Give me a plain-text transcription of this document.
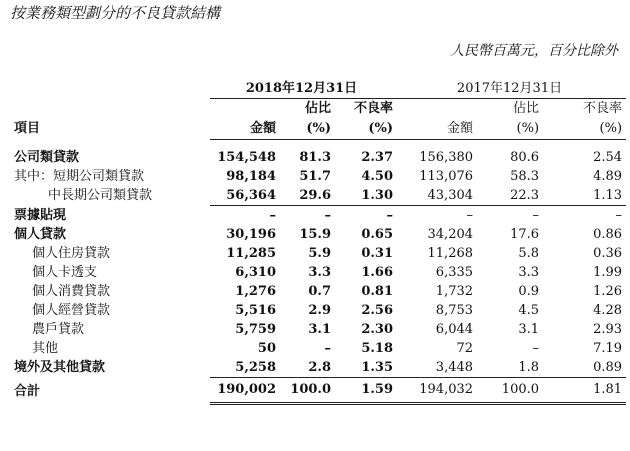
按業務類型劃分的不良貸款結構
人民幣百萬元，百分比除外
	2018年12月31日			2017年12月31日		
		佔比	不良率		佔比	不良率
項目	金額	(%)	(%)	金額	(%)	(%)

公司類貸款	154,548	81.3	2.37	156,380	80.6	2.54
其中：短期公司類貸款	98,184	51.7	4.50	113,076	58.3	4.89
中長期公司類貸款	56,364	29.6	1.30	43,304	22.3	1.13
票據貼現	–	–	–	–	–	–
個人貸款	30,196	15.9	0.65	34,204	17.6	0.86
個人住房貸款	11,285	5.9	0.31	11,268	5.8	0.36
個人卡透支	6,310	3.3	1.66	6,335	3.3	1.99
個人消費貸款	1,276	0.7	0.81	1,732	0.9	1.26
個人經營貸款	5,516	2.9	2.56	8,753	4.5	4.28
農戶貸款	5,759	3.1	2.30	6,044	3.1	2.93
其他	50	–	5.18	72	–	7.19
境外及其他貸款	5,258	2.8	1.35	3,448	1.8	0.89
合計	190,002	100.0	1.59	194,032	100.0	1.81
